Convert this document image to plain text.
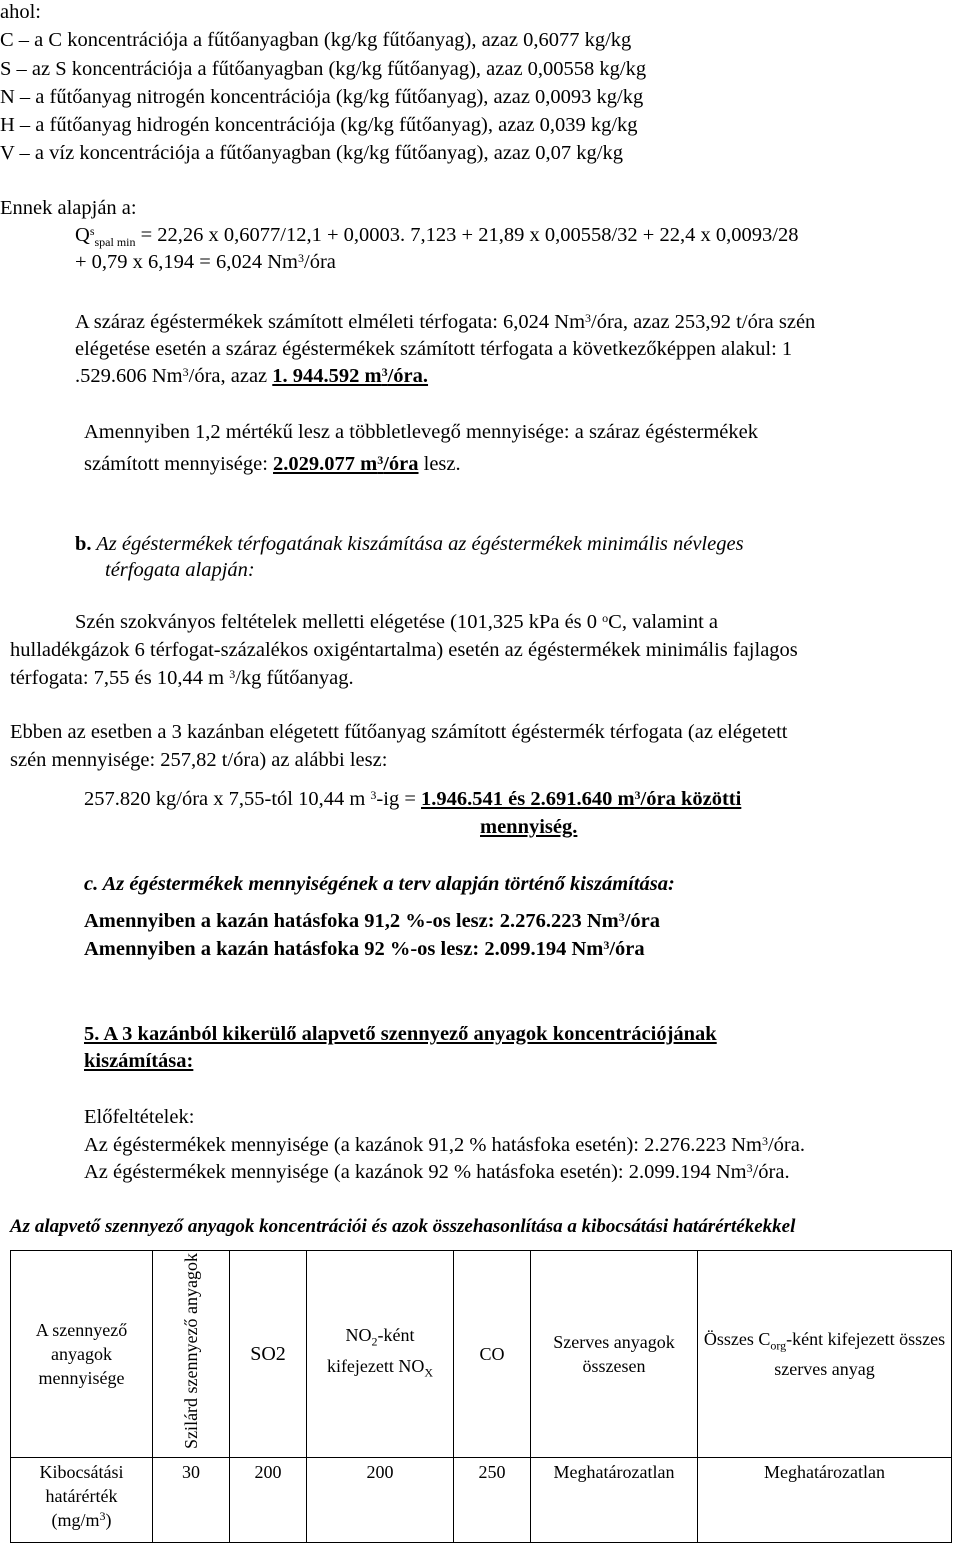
ahol:
C – a C koncentrációja a fűtőanyagban (kg/kg fűtőanyag), azaz 0,6077 kg/kg
S – az S koncentrációja a fűtőanyagban (kg/kg fűtőanyag), azaz 0,00558 kg/kg
N – a fűtőanyag nitrogén koncentrációja (kg/kg fűtőanyag), azaz 0,0093 kg/kg
H – a fűtőanyag hidrogén koncentrációja (kg/kg fűtőanyag), azaz 0,039 kg/kg
V – a víz koncentrációja a fűtőanyagban (kg/kg fűtőanyag), azaz 0,07 kg/kg
Ennek alapján a:
$Q^s_{spal min} = 22,26$ x 0,6077/12,1 + 0,0003. 7,123 + 21,89 x 0,00558/32 + 22,4 x 0,0093/28
+ 0,79 x 6,194 = 6,024 Nm$^3$/óra
A száraz égéstermékek számított elméleti térfogata: 6,024 Nm$^3$/óra, azaz 253,92 t/óra szén
elégetése esetén a száraz égéstermékek számított térfogata a következőképpen alakul: 1
.529.606 Nm$^3$/óra, azaz 1. 944.592 $m^3$/óra.
Amennyiben 1,2 mértékű lesz a többletlevegő mennyisége: a száraz égéstermékek
számított mennyisége: 2.029.077 $m^3$/óra lesz.
b. Az égéstermékek térfogatának kiszámítása az égéstermékek minimális névleges
térfogata alapján:
Szén szokványos feltételek melletti elégetése (101,325 kPa és 0 $^o$C, valamint a
hulladékgázok 6 térfogat-százalékos oxigéntartalma) esetén az égéstermékek minimális fajlagos
térfogata: 7,55 és 10,44 m $^3$/kg fűtőanyag.
Ebben az esetben a 3 kazánban elégetett fűtőanyag számított égéstermék térfogata (az elégetett
szén mennyisége: 257,82 t/óra) az alábbi lesz:
257.820 kg/óra x 7,55-tól 10,44 m $^3$-ig = 1.946.541 és 2.691.640 $m^3$/óra közötti
mennyiség.
c. Az égéstermékek mennyiségének a terv alapján történő kiszámítása:
Amennyiben a kazán hatásfoka 91,2 %-os lesz: 2.276.223 Nm$^3$/óra
Amennyiben a kazán hatásfoka 92 %-os lesz: 2.099.194 Nm$^3$/óra
5. A 3 kazánból kikerülő alapvető szennyező anyagok koncentrációjának
kiszámítása:
Előfeltételek:
Az égéstermékek mennyisége (a kazánok 91,2 % hatásfoka esetén): 2.276.223 Nm$^3$/óra.
Az égéstermékek mennyisége (a kazánok 92 % hatásfoka esetén): 2.099.194 Nm$^3$/óra.
Az alapvető szennyező anyagok koncentrációi és azok összehasonlítása a kibocsátási határértékekkel
A szennyező anyagok mennyisége	Szilárd szennyező anyagok	SO2	$NO_2$-ként kifejezett $NO_X$	CO	Szerves anyagok összesen	Összes $C_{org}$-ként kifejezett összes szerves anyag
Kibocsátási határérték $(mg/m^3)$	30	200	200	250	Meghatározatlan	Meghatározatlan
